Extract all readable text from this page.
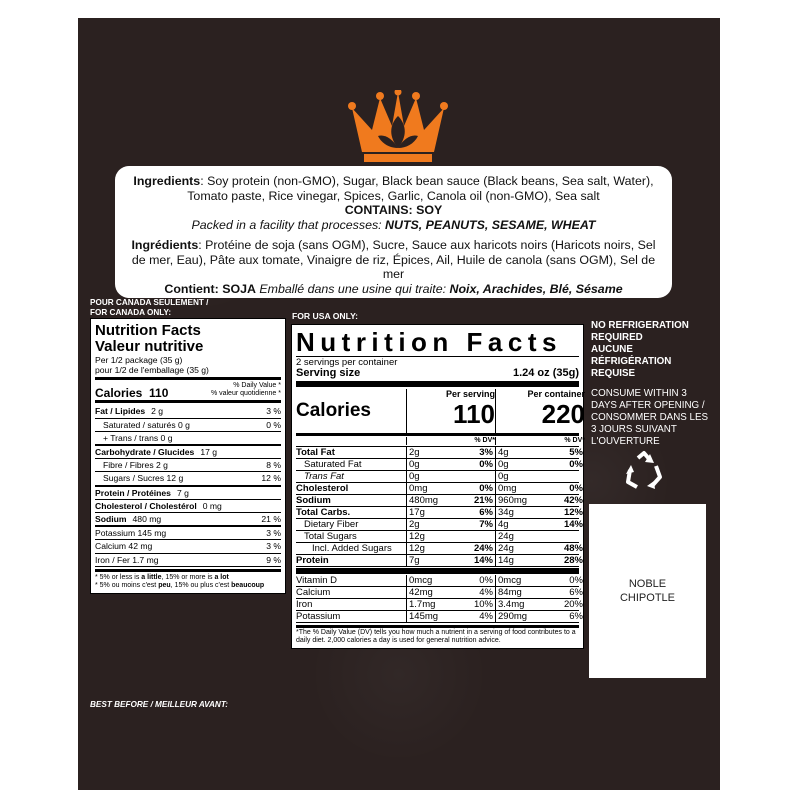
Ingredients: Soy protein (non-GMO), Sugar, Black bean sauce (Black beans, Sea salt, Water), Tomato paste, Rice vinegar, Spices, Garlic, Canola oil (non-GMO), Sea salt

CONTAINS: SOY

Packed in a facility that processes: NUTS, PEANUTS, SESAME, WHEAT

Ingrédients: Protéine de soja (sans OGM), Sucre, Sauce aux haricots noirs (Haricots noirs, Sel de mer, Eau), Pâte aux tomate, Vinaigre de riz, Épices, Ail, Huile de canola (sans OGM), Sel de mer

Contient: SOJA Emballé dans une usine qui traite: Noix, Arachides, Blé, Sésame

POUR CANADA SEULEMENT /
FOR CANADA ONLY:
Nutrition Facts
Valeur nutritive
Per 1/2 package (35 g)
pour 1/2 de l'emballage (35 g)
Calories 110
% Daily Value *
% valeur quotidienne *
Fat / Lipides 2 g	3 %
Saturated / saturés 0 g	0 %
+ Trans / trans 0 g
Carbohydrate / Glucides 17 g
Fibre / Fibres 2 g	8 %
Sugars / Sucres 12 g	12 %
Protein / Protéines 7 g
Cholesterol / Cholestérol 0 mg
Sodium 480 mg	21 %
Potassium 145 mg	3 %
Calcium 42 mg	3 %
Iron / Fer 1.7 mg	9 %
* 5% or less is a little, 15% or more is a lot
* 5% ou moins c'est peu, 15% ou plus c'est beaucoup
FOR USA ONLY:
Nutrition Facts
2 servings per container
Serving size	1.24 oz (35g)
Calories
Per serving
110
Per container
220
% DV*	% DV*
Total Fat	2g	3% 4g	5%
Saturated Fat	0g	0% 0g	0%
Trans Fat	0g	0g
Cholesterol	0mg	0% 0mg	0%
Sodium	480mg	21% 960mg	42%
Total Carbs.	17g	6% 34g	12%
Dietary Fiber	2g	7% 4g	14%
Total Sugars	12g	24g
Incl. Added Sugars	12g	24% 24g	48%
Protein	7g	14% 14g	28%
Vitamin D	0mcg	0% 0mcg	0%
Calcium	42mg	4% 84mg	6%
Iron	1.7mg	10% 3.4mg	20%
Potassium	145mg	4% 290mg	6%
*The % Daily Value (DV) tells you how much a nutrient in a serving of food contributes to a daily diet. 2,000 calories a day is used for general nutrition advice.
NO REFRIGERATION REQUIRED
AUCUNE RÉFRIGÉRATION REQUISE
CONSUME WITHIN 3 DAYS AFTER OPENING / CONSOMMER DANS LES 3 JOURS SUIVANT L'OUVERTURE
NOBLE
CHIPOTLE
BEST BEFORE / MEILLEUR AVANT:
